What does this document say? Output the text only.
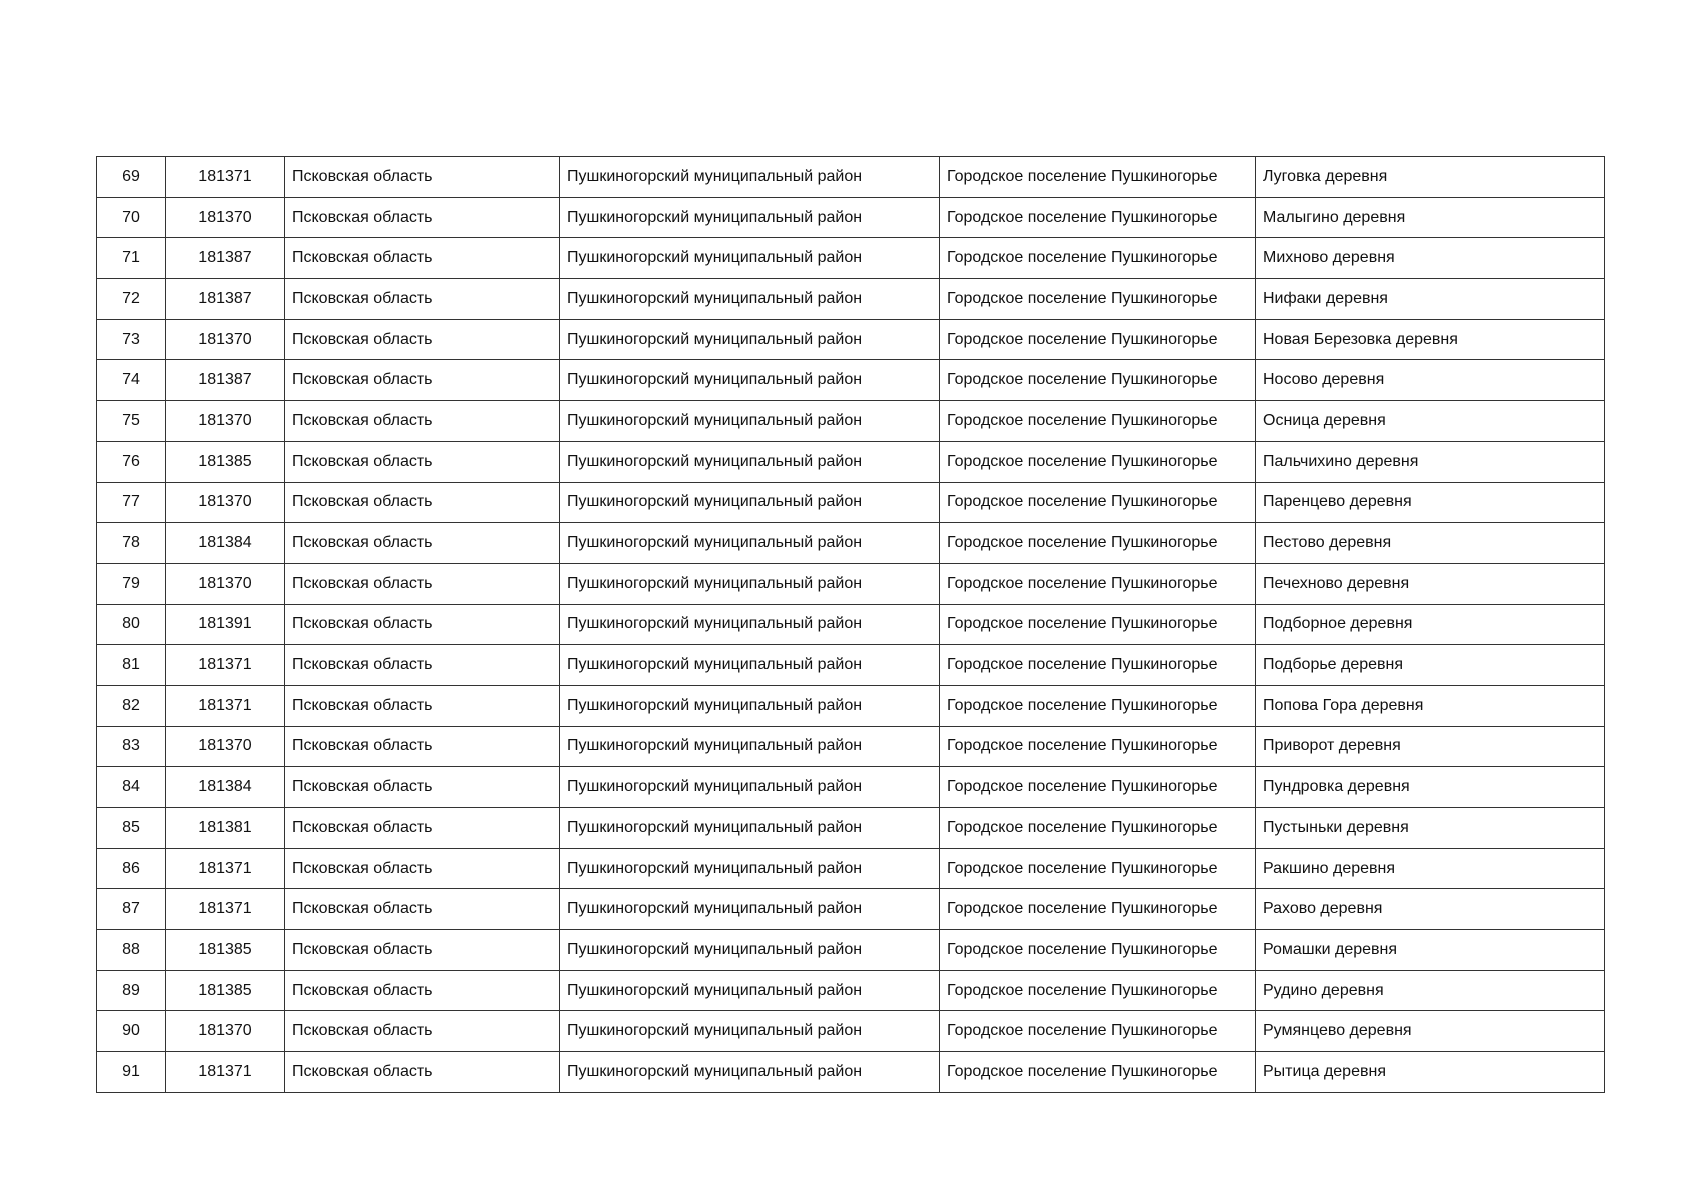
69	181371	Псковская область	Пушкиногорский муниципальный район	Городское поселение Пушкиногорье	Луговка деревня
70	181370	Псковская область	Пушкиногорский муниципальный район	Городское поселение Пушкиногорье	Малыгино деревня
71	181387	Псковская область	Пушкиногорский муниципальный район	Городское поселение Пушкиногорье	Михново деревня
72	181387	Псковская область	Пушкиногорский муниципальный район	Городское поселение Пушкиногорье	Нифаки деревня
73	181370	Псковская область	Пушкиногорский муниципальный район	Городское поселение Пушкиногорье	Новая Березовка деревня
74	181387	Псковская область	Пушкиногорский муниципальный район	Городское поселение Пушкиногорье	Носово деревня
75	181370	Псковская область	Пушкиногорский муниципальный район	Городское поселение Пушкиногорье	Осница деревня
76	181385	Псковская область	Пушкиногорский муниципальный район	Городское поселение Пушкиногорье	Пальчихино деревня
77	181370	Псковская область	Пушкиногорский муниципальный район	Городское поселение Пушкиногорье	Паренцево деревня
78	181384	Псковская область	Пушкиногорский муниципальный район	Городское поселение Пушкиногорье	Пестово деревня
79	181370	Псковская область	Пушкиногорский муниципальный район	Городское поселение Пушкиногорье	Печехново деревня
80	181391	Псковская область	Пушкиногорский муниципальный район	Городское поселение Пушкиногорье	Подборное деревня
81	181371	Псковская область	Пушкиногорский муниципальный район	Городское поселение Пушкиногорье	Подборье деревня
82	181371	Псковская область	Пушкиногорский муниципальный район	Городское поселение Пушкиногорье	Попова Гора деревня
83	181370	Псковская область	Пушкиногорский муниципальный район	Городское поселение Пушкиногорье	Приворот деревня
84	181384	Псковская область	Пушкиногорский муниципальный район	Городское поселение Пушкиногорье	Пундровка деревня
85	181381	Псковская область	Пушкиногорский муниципальный район	Городское поселение Пушкиногорье	Пустыньки деревня
86	181371	Псковская область	Пушкиногорский муниципальный район	Городское поселение Пушкиногорье	Ракшино деревня
87	181371	Псковская область	Пушкиногорский муниципальный район	Городское поселение Пушкиногорье	Рахово деревня
88	181385	Псковская область	Пушкиногорский муниципальный район	Городское поселение Пушкиногорье	Ромашки деревня
89	181385	Псковская область	Пушкиногорский муниципальный район	Городское поселение Пушкиногорье	Рудино деревня
90	181370	Псковская область	Пушкиногорский муниципальный район	Городское поселение Пушкиногорье	Румянцево деревня
91	181371	Псковская область	Пушкиногорский муниципальный район	Городское поселение Пушкиногорье	Рытица деревня
